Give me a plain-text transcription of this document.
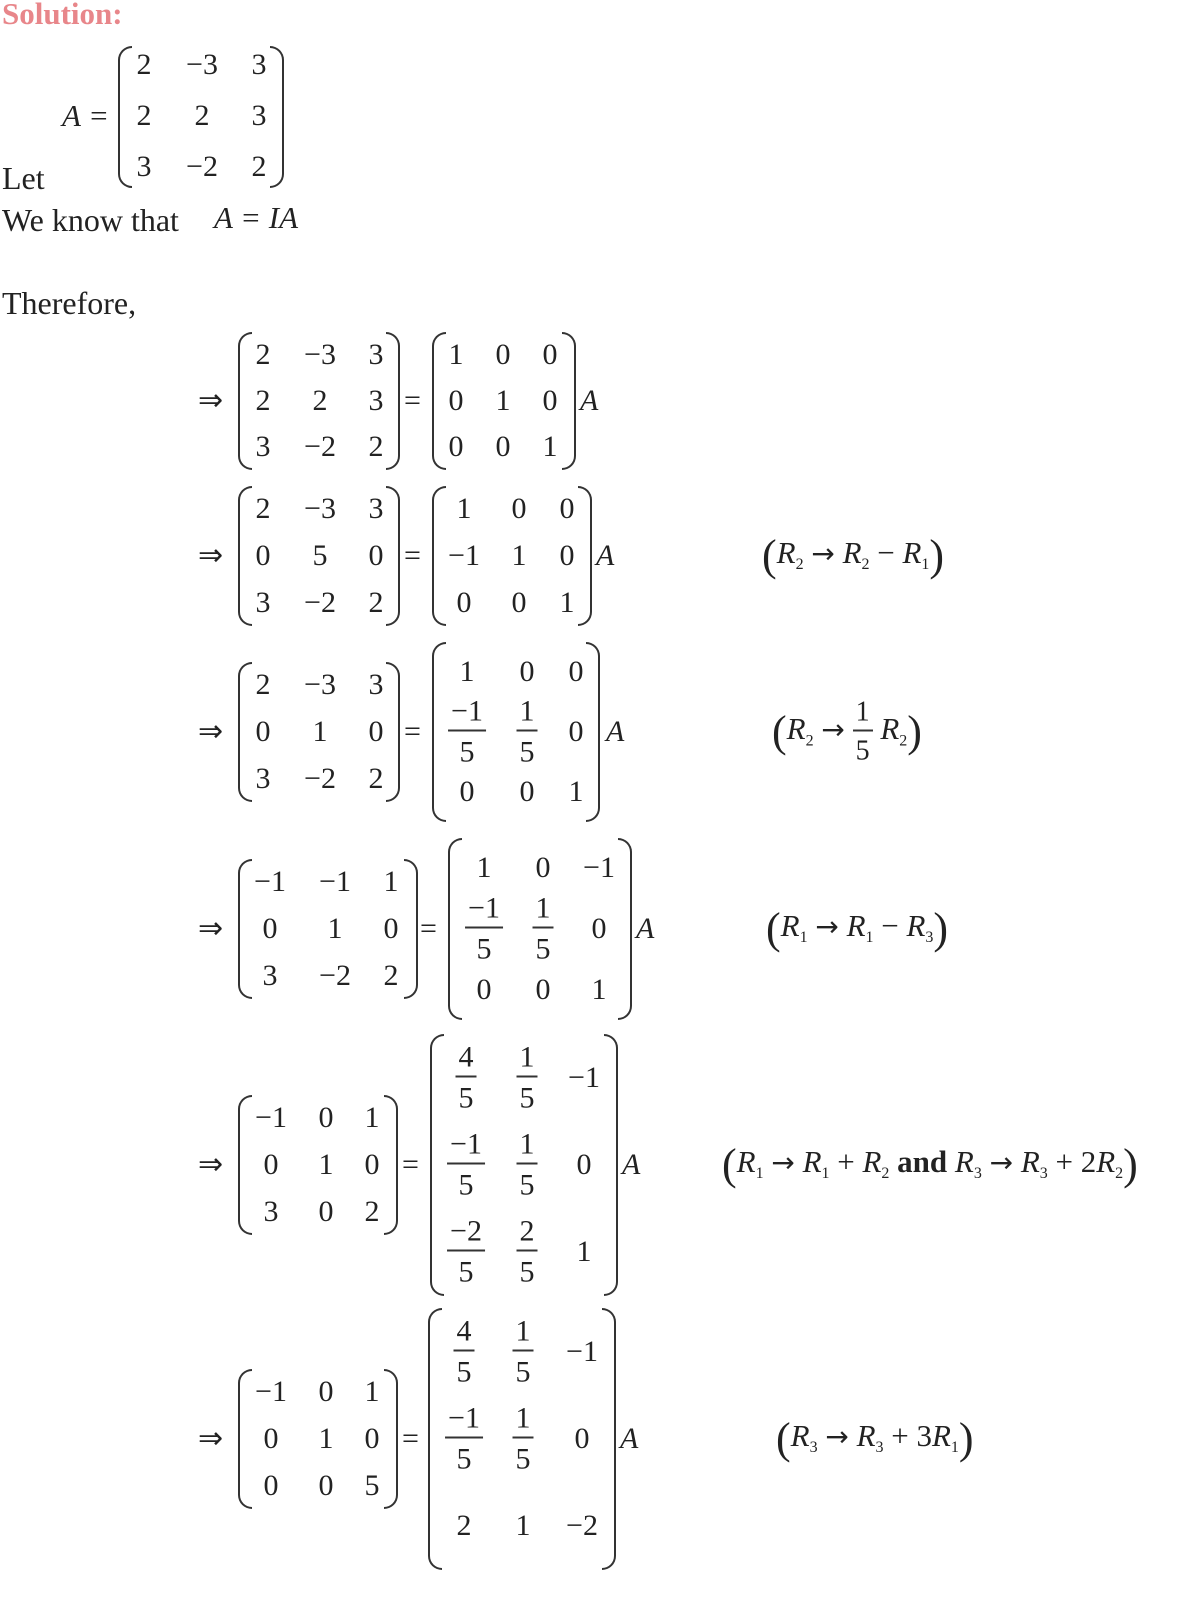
Solution:
A =
2 −3 3
2 2 3
3 −2 2
Let
We know that A = IA
Therefore,
⇒
2 −3 3
2 2 3
3 −2 2
=
1 0 0
0 1 0
0 0 1
A
⇒
2 −3 3
0 5 0
3 −2 2
=
1 0 0
−1 1 0
0 0 1
A	(R2 → R2 − R1)
⇒
2 −3 3
0 1 0
3 −2 2
=
1 0 0
$\frac{-1}{5} \frac{1}{5} 0$
0 0 1
A	$(R2 \to \frac{1}{5} R2)$
⇒
−1 −1 1
0 1 0
3 −2 2
=
1 0 −1
$\frac{-1}{5} \frac{1}{5} 0$
0 0 1
A	(R1 → R1 − R3)
⇒
−1 0 1
0 1 0
3 0 2
=
$\frac{4}{5} \frac{1}{5} -1$
$\frac{-1}{5} \frac{1}{5} 0$
$\frac{-2}{5} \frac{2}{5} 1$
A (R1 → R1 + R2 and R3 → R3 + 2R2)
⇒
−1 0 1
0 1 0
0 0 5
=
$\frac{4}{5} \frac{1}{5} -1$
$\frac{-1}{5} \frac{1}{5} 0$
2 1 −2
A	(R3 → R3 + 3R1)
